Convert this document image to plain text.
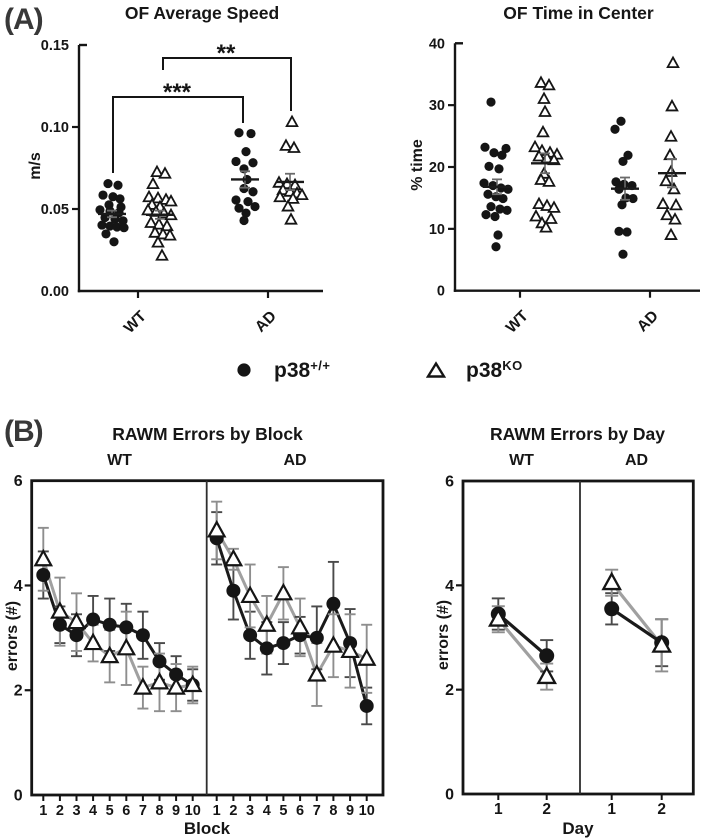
0.00
0.05
0.10
0.15
WT	AD
***
**
0
10
20
30
40
WT	AD
0
2
4
6
1 2 3 4 5 6 7 8 9 10 1 2 3 4 5 6 7 8 9 10
0
2
4
6
1	2	1	2
(A)	OF Average Speed	OF Time in Center
m/s	% time
p38+/+	$p38^{KO}$
(B)	RAWM Errors by Block	RAWM Errors by Day
WT	AD	WT	AD
errors (#)	errors (#)
Block	Day
